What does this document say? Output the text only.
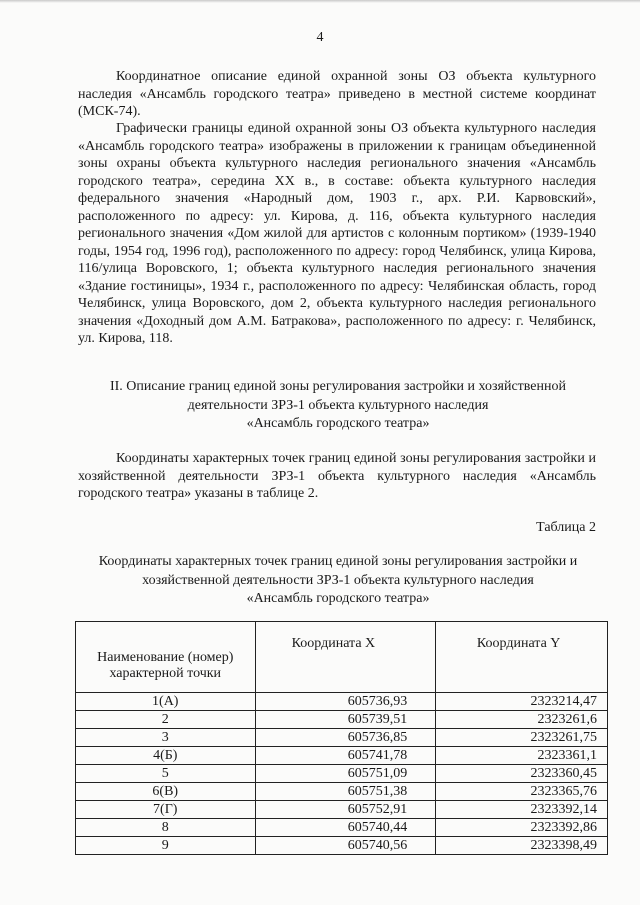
4

Координатное описание единой охранной зоны ОЗ объекта культурного наследия «Ансамбль городского театра» приведено в местной системе координат (МСК-74).

Графически границы единой охранной зоны ОЗ объекта культурного наследия «Ансамбль городского театра» изображены в приложении к границам объединенной зоны охраны объекта культурного наследия регионального значения «Ансамбль городского театра», середина XX в., в составе: объекта культурного наследия федерального значения «Народный дом, 1903 г., арх. Р.И. Карвовский», расположенного по адресу: ул. Кирова, д. 116, объекта культурного наследия регионального значения «Дом жилой для артистов с колонным портиком» (1939-1940 годы, 1954 год, 1996 год), расположенного по адресу: город Челябинск, улица Кирова, 116/улица Воровского, 1; объекта культурного наследия регионального значения «Здание гостиницы», 1934 г., расположенного по адресу: Челябинская область, город Челябинск, улица Воровского, дом 2, объекта культурного наследия регионального значения «Доходный дом А.М. Батракова», расположенного по адресу: г. Челябинск, ул. Кирова, 118.

II. Описание границ единой зоны регулирования застройки и хозяйственной
деятельности ЗРЗ-1 объекта культурного наследия
«Ансамбль городского театра»

Координаты характерных точек границ единой зоны регулирования застройки и хозяйственной деятельности ЗРЗ-1 объекта культурного наследия «Ансамбль городского театра» указаны в таблице 2.

Таблица 2
Координаты характерных точек границ единой зоны регулирования застройки и
хозяйственной деятельности ЗРЗ-1 объекта культурного наследия
«Ансамбль городского театра»
Наименование (номер)
характерной точки	Координата X	Координата Y
1(А)	605736,93	2323214,47
2	605739,51	2323261,6
3	605736,85	2323261,75
4(Б)	605741,78	2323361,1
5	605751,09	2323360,45
6(В)	605751,38	2323365,76
7(Г)	605752,91	2323392,14
8	605740,44	2323392,86
9	605740,56	2323398,49
